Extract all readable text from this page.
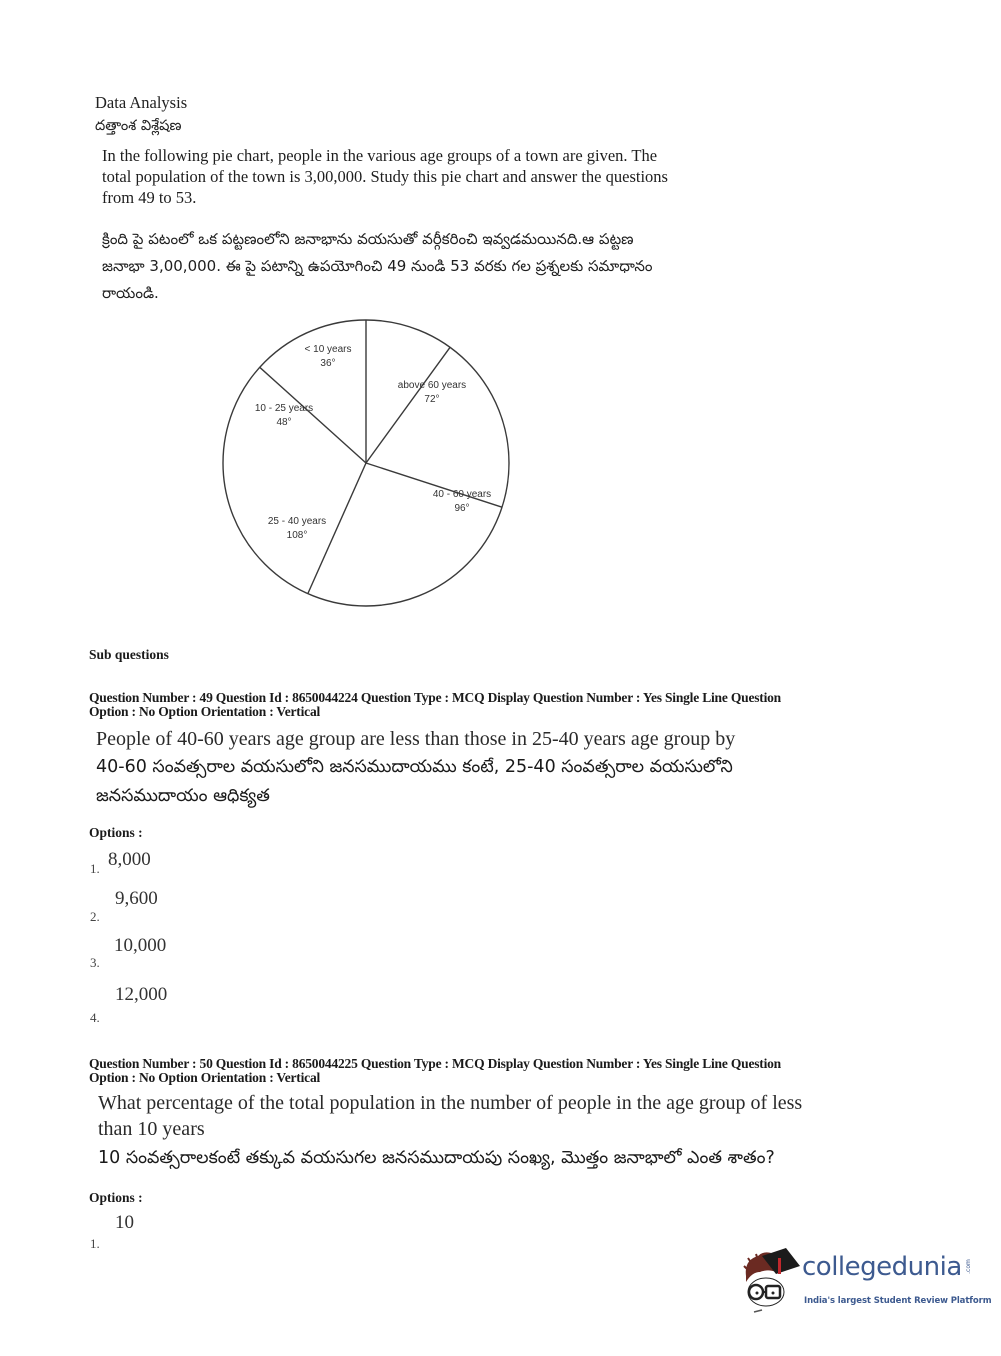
Data Analysis
దత్తాంశ విశ్లేషణ
In the following pie chart, people in the various age groups of a town are given. The
total population of the town is 3,00,000. Study this pie chart and answer the questions
from 49 to 53.
క్రింది పై పటంలో ఒక పట్టణంలోని జనాభాను వయసుతో వర్గీకరించి ఇవ్వడమయినది.ఆ పట్టణ
జనాభా 3,00,000. ఈ పై పటాన్ని ఉపయోగించి 49 నుండి 53 వరకు గల ప్రశ్నలకు సమాధానం
రాయండి.
< 10 years
36°
above 60 years
72°
40 - 60 years
96°
25 - 40 years
108°
10 - 25 years
48°
Sub questions
Question Number : 49 Question Id : 8650044224 Question Type : MCQ Display Question Number : Yes Single Line Question
Option : No Option Orientation : Vertical
People of 40-60 years age group are less than those in 25-40 years age group by
40-60 సంవత్సరాల వయసులోని జనసముదాయము కంటే, 25-40 సంవత్సరాల వయసులోని
జనసముదాయం ఆధిక్యత
Options :
1. 8,000
2.
9,600
3.
10,000
4.
12,000
Question Number : 50 Question Id : 8650044225 Question Type : MCQ Display Question Number : Yes Single Line Question
Option : No Option Orientation : Vertical
What percentage of the total population in the number of people in the age group of less
than 10 years
10 సంవత్సరాలకంటే తక్కువ వయసుగల జనసముదాయపు సంఖ్య, మొత్తం జనాభాలో ఎంత శాతం?
Options :
1.
10
collegedunia .com
India's largest Student Review Platform
